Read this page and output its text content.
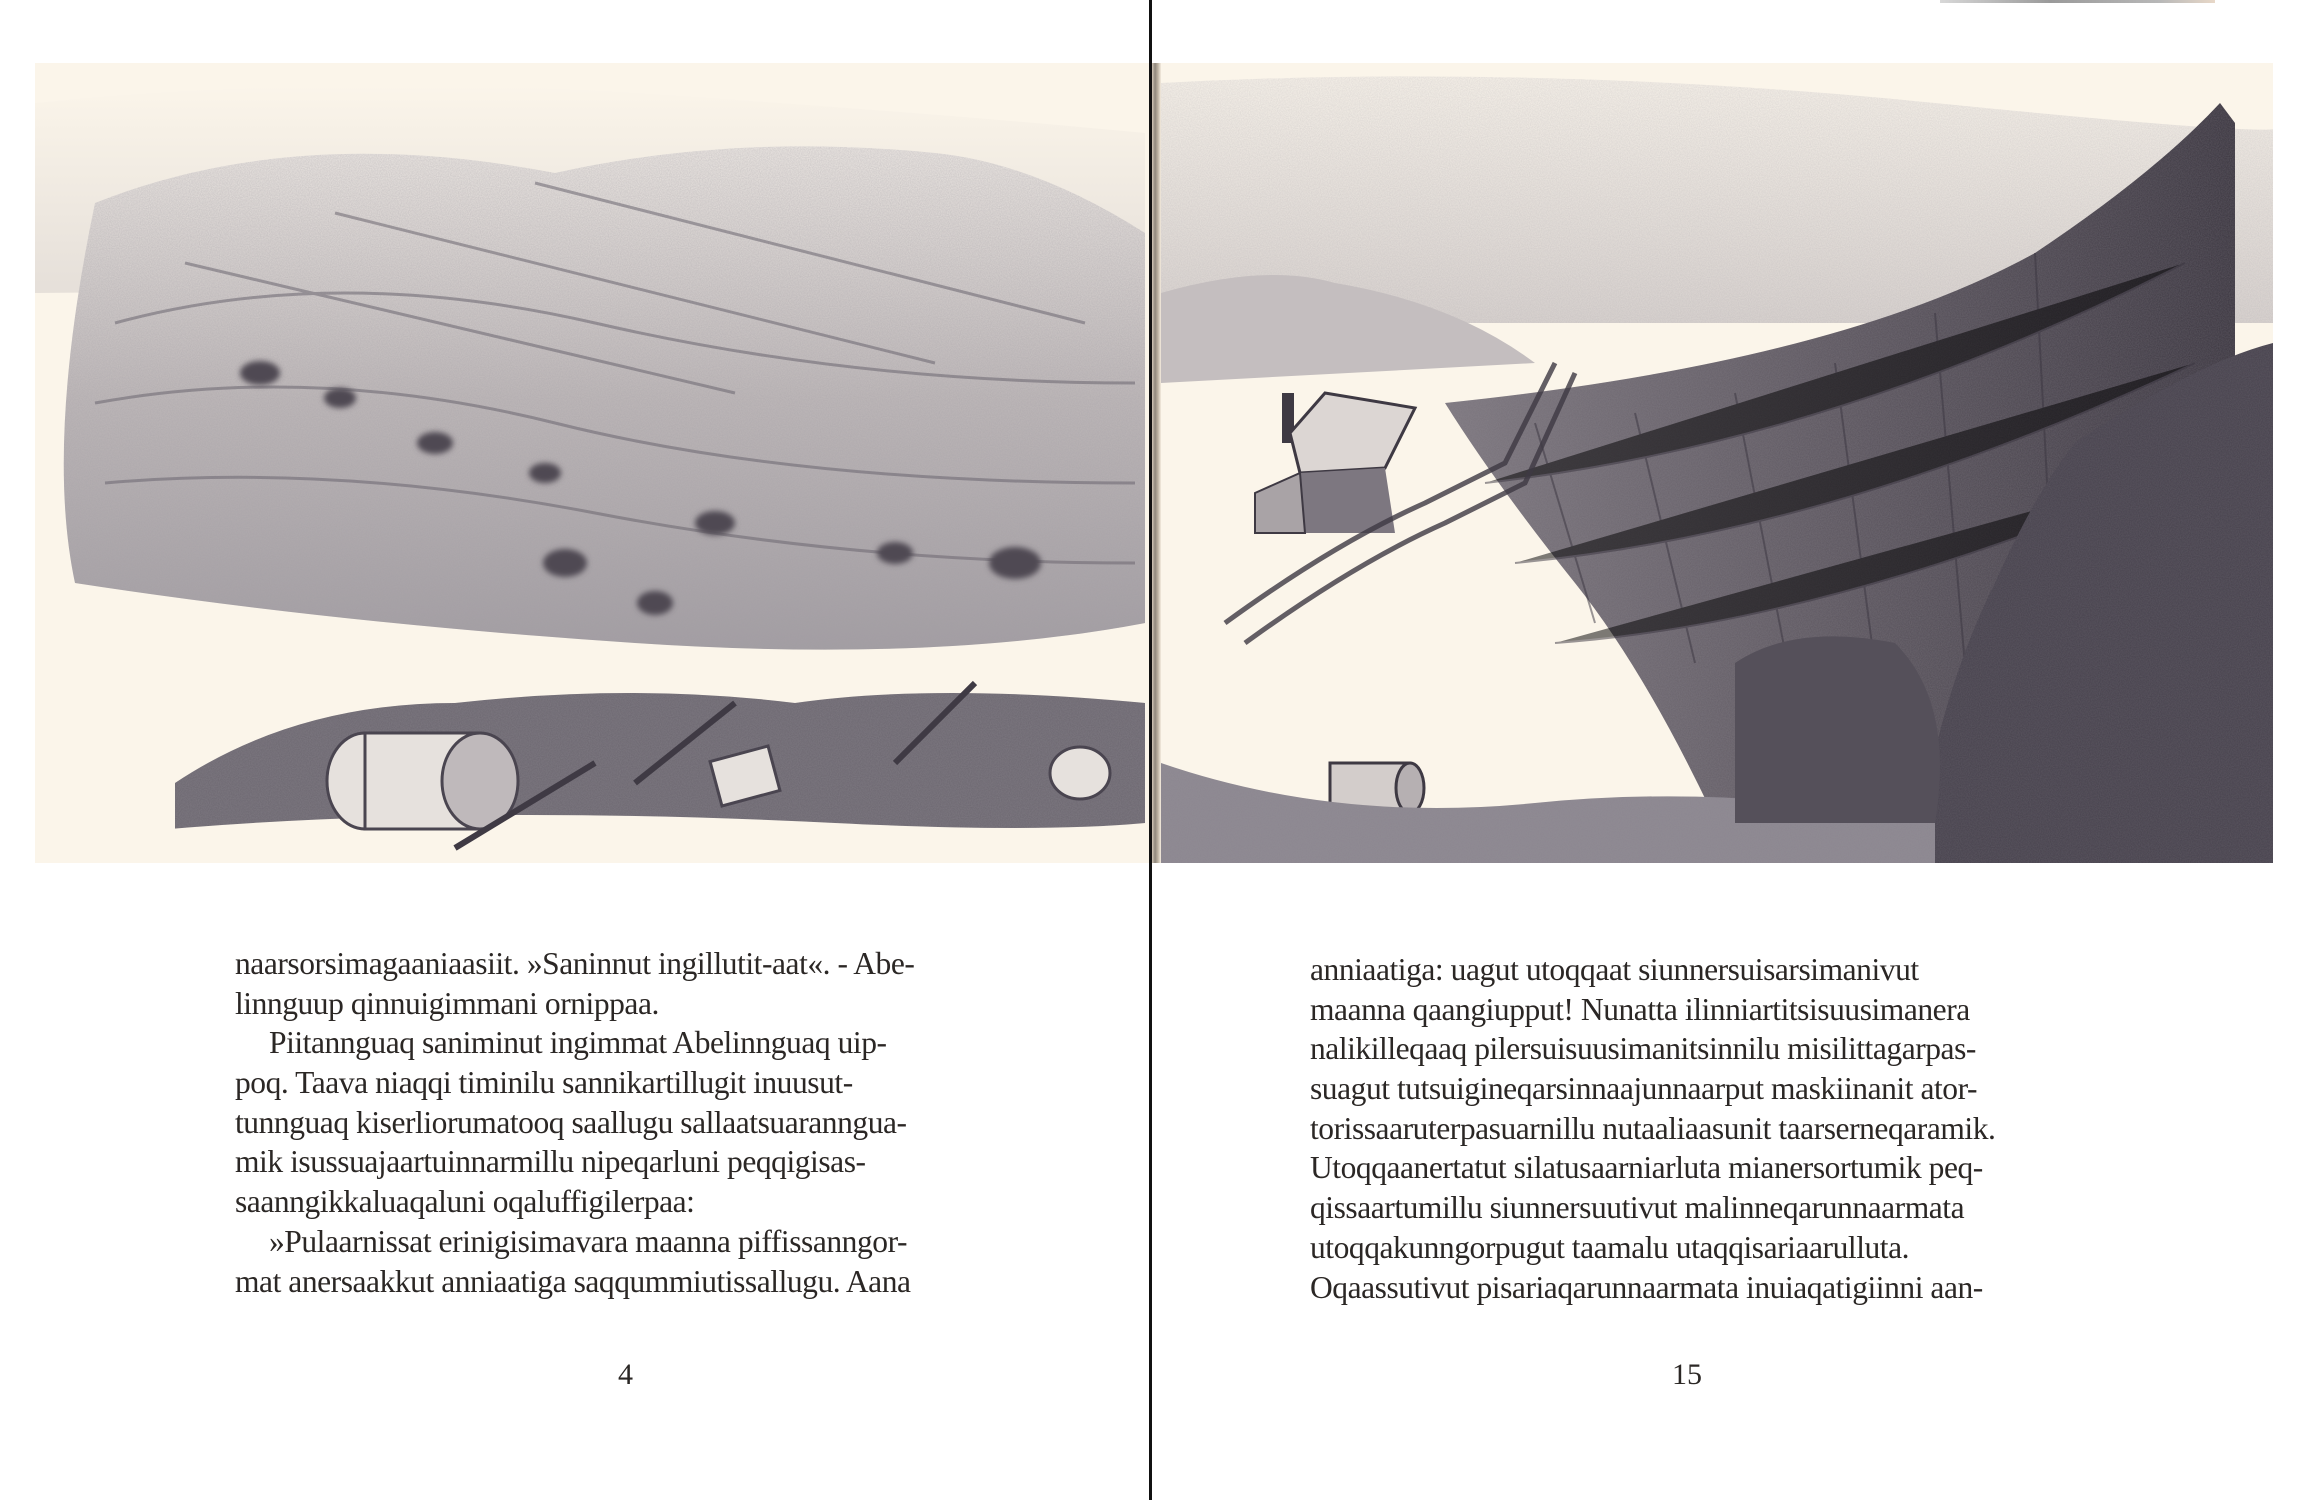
naarsorsimagaaniaasiit. »Saninnut ingillutit-aat«. - Abe-
linnguup qinnuigimmani ornippaa.
Piitannguaq saniminut ingimmat Abelinnguaq uip-
poq. Taava niaqqi timinilu sannikartillugit inuusut-
tunnguaq kiserliorumatooq saallugu sallaatsuarannguа-
mik isussuajaartuinnarmillu nipeqarluni peqqigisas-
saanngikkaluaqaluni oqaluffigilerpaa:
»Pulaarnissat erinigisimavara maanna piffissanngor-
mat anersaakkut anniaatiga saqqummiutissallugu. Aana
4
anniaatiga: uagut utoqqaat siunnersuisarsimanivut
maanna qaangiupput! Nunatta ilinniartitsisuusimanera
nalikilleqaaq pilersuisuusimanitsinnilu misilittagarpas-
suagut tutsuigineqarsinnaajunnaarput maskiinanit ator-
torissaaruterpasuarnillu nutaaliaasunit taarserneqaramik.
Utoqqaanertatut silatusaarniarluta mianersortumik peq-
qissaartumillu siunnersuutivut malinneqarunnaarmata
utoqqakunngorpugut taamalu utaqqisariaarulluta.
Oqaassutivut pisariaqarunnaarmata inuiaqatigiinni aan-
15
